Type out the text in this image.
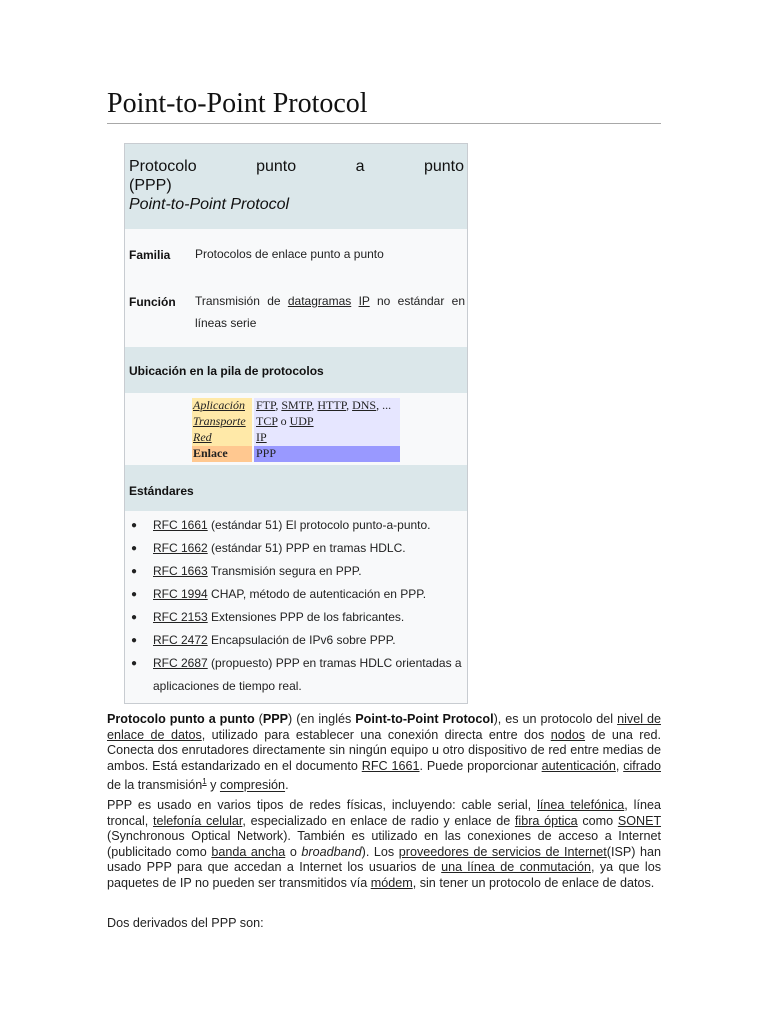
Point-to-Point Protocol
Protocolo punto a punto
(PPP)
Point-to-Point Protocol
Familia Protocolos de enlace punto a punto
Función Transmisión de datagramas IP no estándar en líneas serie
Ubicación en la pila de protocolos
Aplicación FTP, SMTP, HTTP, DNS, ...
Transporte TCP o UDP
Red	IP
Enlace	PPP
Estándares
● RFC 1661 (estándar 51) El protocolo punto-a-punto.
● RFC 1662 (estándar 51) PPP en tramas HDLC.
● RFC 1663 Transmisión segura en PPP.
● RFC 1994 CHAP, método de autenticación en PPP.
● RFC 2153 Extensiones PPP de los fabricantes.
● RFC 2472 Encapsulación de IPv6 sobre PPP.
● RFC 2687 (propuesto) PPP en tramas HDLC orientadas a aplicaciones de tiempo real.

Protocolo punto a punto (PPP) (en inglés Point-to-Point Protocol), es un protocolo del nivel de enlace de datos, utilizado para establecer una conexión directa entre dos nodos de una red. Conecta dos enrutadores directamente sin ningún equipo u otro dispositivo de red entre medias de ambos. Está estandarizado en el documento RFC 1661. Puede proporcionar autenticación, cifrado de la transmisión$^1$ y compresión.

PPP es usado en varios tipos de redes físicas, incluyendo: cable serial, línea telefónica, línea troncal, telefonía celular, especializado en enlace de radio y enlace de fibra óptica como SONET (Synchronous Optical Network). También es utilizado en las conexiones de acceso a Internet (publicitado como banda ancha o broadband). Los proveedores de servicios de Internet(ISP) han usado PPP para que accedan a Internet los usuarios de una línea de conmutación, ya que los paquetes de IP no pueden ser transmitidos vía módem, sin tener un protocolo de enlace de datos.

Dos derivados del PPP son:
